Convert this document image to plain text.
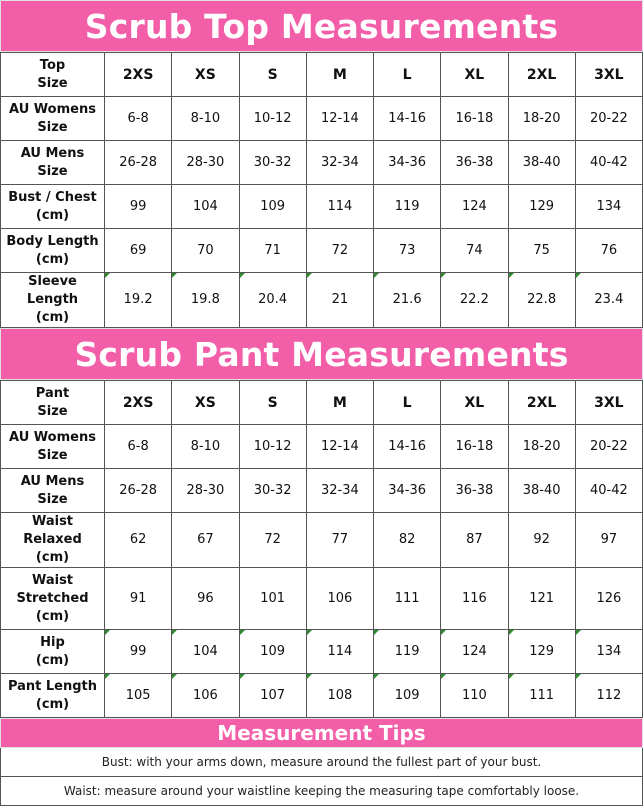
Scrub Top Measurements
Top
Size	2XS	XS	S	M	L	XL	2XL	3XL
AU Womens
Size	6-8	8-10	10-12	12-14	14-16	16-18	18-20	20-22
AU Mens
Size	26-28	28-30	30-32	32-34	34-36	36-38	38-40	40-42
Bust / Chest
(cm)	99	104	109	114	119	124	129	134
Body Length
(cm)	69	70	71	72	73	74	75	76
Sleeve Length
(cm)	19.2	19.8	20.4	21	21.6	22.2	22.8	23.4
Scrub Pant Measurements
Pant
Size	2XS	XS	S	M	L	XL	2XL	3XL
AU Womens
Size	6-8	8-10	10-12	12-14	14-16	16-18	18-20	20-22
AU Mens
Size	26-28	28-30	30-32	32-34	34-36	36-38	38-40	40-42
Waist Relaxed
(cm)	62	67	72	77	82	87	92	97
Waist
Stretched
(cm)	91	96	101	106	111	116	121	126
Hip
(cm)	99	104	109	114	119	124	129	134
Pant Length
(cm)	105	106	107	108	109	110	111	112
Measurement Tips
Bust: with your arms down, measure around the fullest part of your bust.
Waist: measure around your waistline keeping the measuring tape comfortably loose.
